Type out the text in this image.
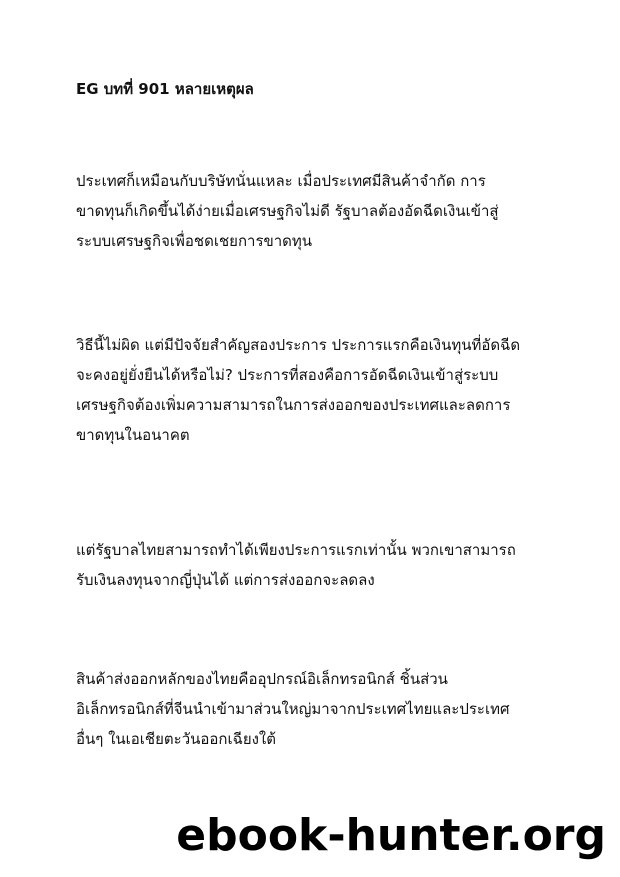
EG บทที่ 901 หลายเหตุผล
ประเทศก็เหมือนกับบริษัทนั่นแหละ เมื่อประเทศมีสินค้าจำกัด การ
ขาดทุนก็เกิดขึ้นได้ง่ายเมื่อเศรษฐกิจไม่ดี รัฐบาลต้องอัดฉีดเงินเข้าสู่
ระบบเศรษฐกิจเพื่อชดเชยการขาดทุน
วิธีนี้ไม่ผิด แต่มีปัจจัยสำคัญสองประการ ประการแรกคือเงินทุนที่อัดฉีด
จะคงอยู่ยั่งยืนได้หรือไม่? ประการที่สองคือการอัดฉีดเงินเข้าสู่ระบบ
เศรษฐกิจต้องเพิ่มความสามารถในการส่งออกของประเทศและลดการ
ขาดทุนในอนาคต
แต่รัฐบาลไทยสามารถทำได้เพียงประการแรกเท่านั้น พวกเขาสามารถ
รับเงินลงทุนจากญี่ปุ่นได้ แต่การส่งออกจะลดลง
สินค้าส่งออกหลักของไทยคืออุปกรณ์อิเล็กทรอนิกส์ ชิ้นส่วน
อิเล็กทรอนิกส์ที่จีนนำเข้ามาส่วนใหญ่มาจากประเทศไทยและประเทศ
อื่นๆ ในเอเชียตะวันออกเฉียงใต้
ebook-hunter.org
